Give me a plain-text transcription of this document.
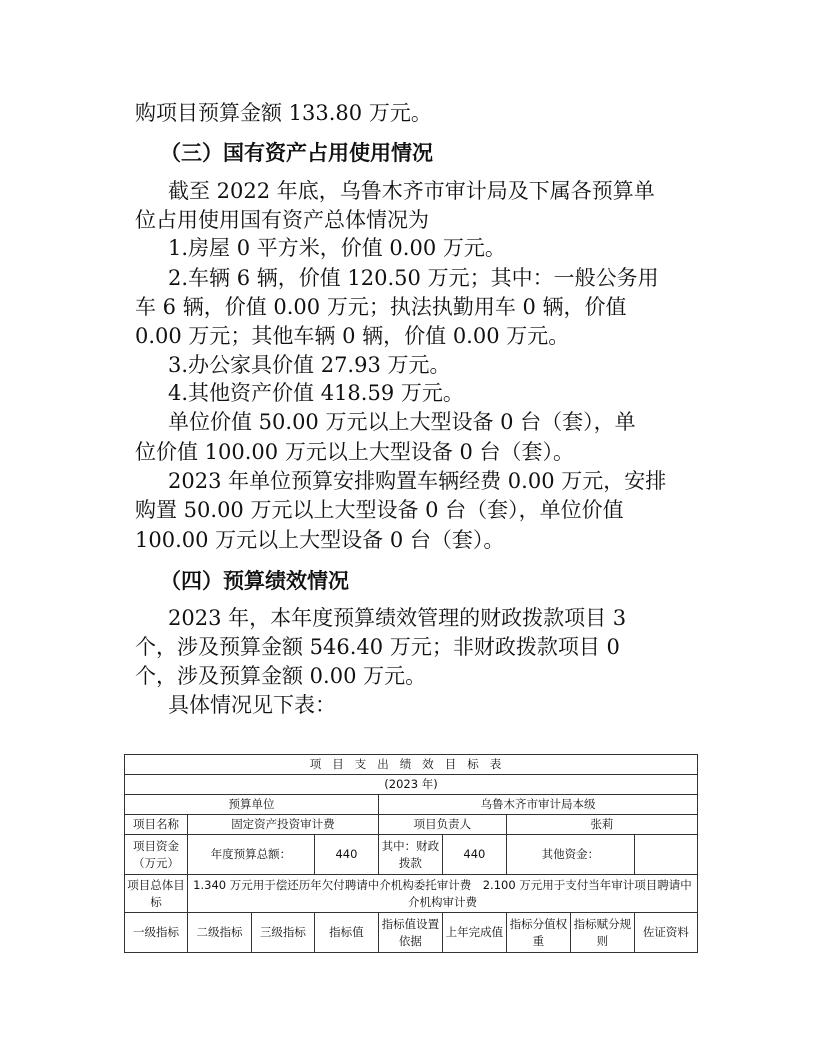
购项目预算金额 133.80 万元。

（三）国有资产占用使用情况

截至 2022 年底，乌鲁木齐市审计局及下属各预算单

位占用使用国有资产总体情况为

1.房屋 0 平方米，价值 0.00 万元。

2.车辆 6 辆，价值 120.50 万元；其中：一般公务用

车 6 辆，价值 0.00 万元；执法执勤用车 0 辆，价值

0.00 万元；其他车辆 0 辆，价值 0.00 万元。

3.办公家具价值 27.93 万元。

4.其他资产价值 418.59 万元。

单位价值 50.00 万元以上大型设备 0 台（套），单

位价值 100.00 万元以上大型设备 0 台（套）。

2023 年单位预算安排购置车辆经费 0.00 万元，安排

购置 50.00 万元以上大型设备 0 台（套），单位价值

100.00 万元以上大型设备 0 台（套）。

（四）预算绩效情况

2023 年，本年度预算绩效管理的财政拨款项目 3

个，涉及预算金额 546.40 万元；非财政拨款项目 0

个，涉及预算金额 0.00 万元。

具体情况见下表：

项目支出绩效目标表								
(2023 年)								
预算单位				乌鲁木齐市审计局本级				
项目名称	固定资产投资审计费			项目负责人		张莉		
项目资金（万元）	年度预算总额：		440	其中：财政拨款	440	其他资金：		
项目总体目标	1.340 万元用于偿还历年欠付聘请中介机构委托审计费　2.100 万元用于支付当年审计项目聘请中介机构审计费							
一级指标	二级指标	三级指标	指标值	指标值设置依据	上年完成值	指标分值权重	指标赋分规则	佐证资料
